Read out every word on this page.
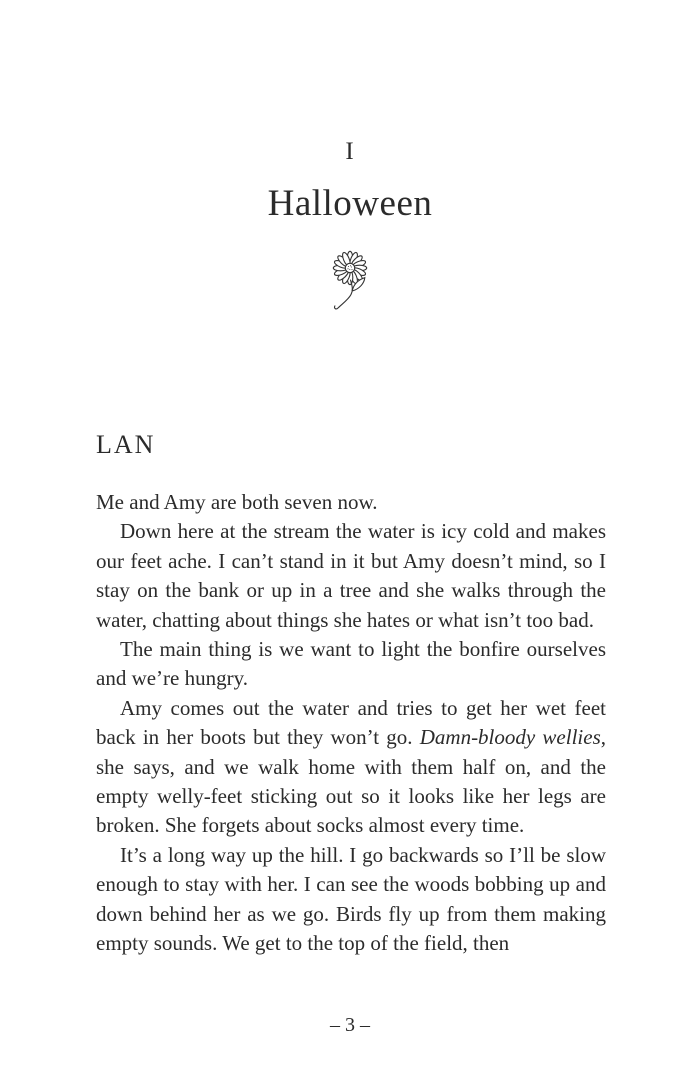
I
Halloween
LAN

Me and Amy are both seven now.

Down here at the stream the water is icy cold and makes our feet ache. I can’t stand in it but Amy doesn’t mind, so I stay on the bank or up in a tree and she walks through the water, chatting about things she hates or what isn’t too bad.

The main thing is we want to light the bonfire ourselves and we’re hungry.

Amy comes out the water and tries to get her wet feet back in her boots but they won’t go. Damn-bloody wellies, she says, and we walk home with them half on, and the empty welly-feet sticking out so it looks like her legs are broken. She forgets about socks almost every time.

It’s a long way up the hill. I go backwards so I’ll be slow enough to stay with her. I can see the woods bobbing up and down behind her as we go. Birds fly up from them making empty sounds. We get to the top of the field, then

– 3 –
